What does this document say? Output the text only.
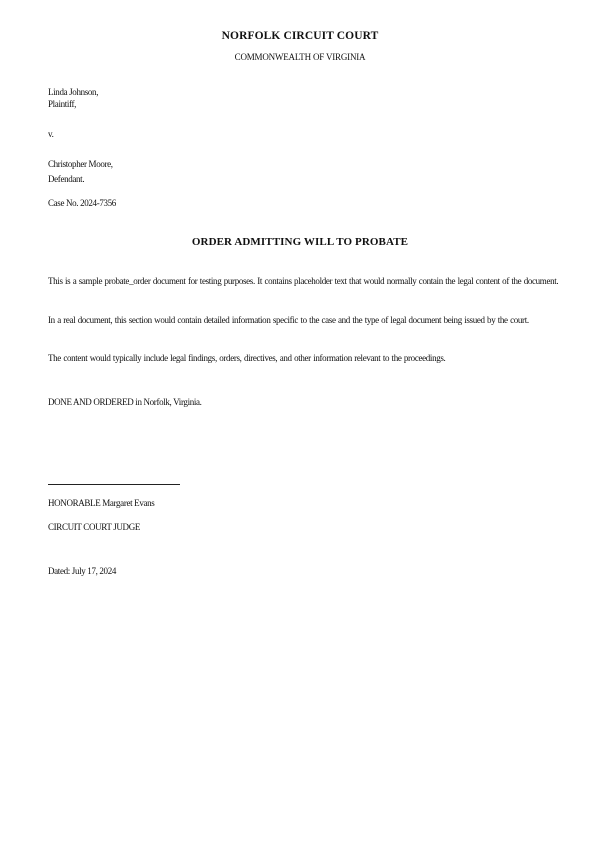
NORFOLK CIRCUIT COURT
COMMONWEALTH OF VIRGINIA
Linda Johnson,
Plaintiff,
v.
Christopher Moore,
Defendant.
Case No. 2024-7356
ORDER ADMITTING WILL TO PROBATE
This is a sample probate_order document for testing purposes. It contains placeholder text that would normally contain the legal content of the document.
In a real document, this section would contain detailed information specific to the case and the type of legal document being issued by the court.
The content would typically include legal findings, orders, directives, and other information relevant to the proceedings.
DONE AND ORDERED in Norfolk, Virginia.
HONORABLE Margaret Evans
CIRCUIT COURT JUDGE
Dated: July 17, 2024
